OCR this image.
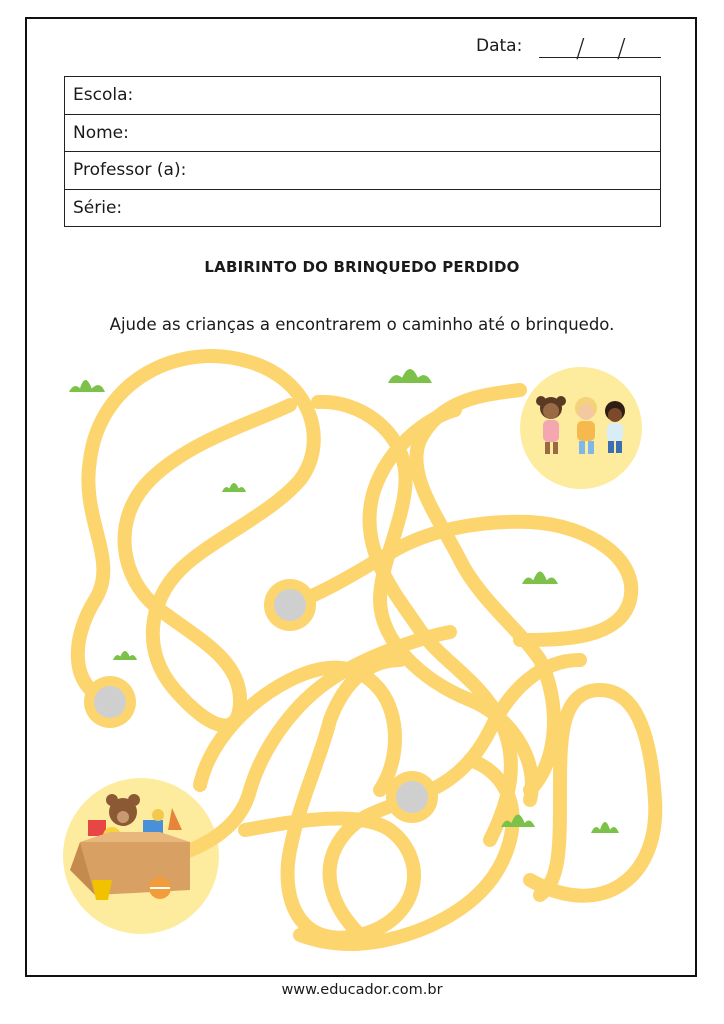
Data: / /
Escola:
Nome:
Professor (a):
Série:
LABIRINTO DO BRINQUEDO PERDIDO
Ajude as crianças a encontrarem o caminho até o brinquedo.
www.educador.com.br
